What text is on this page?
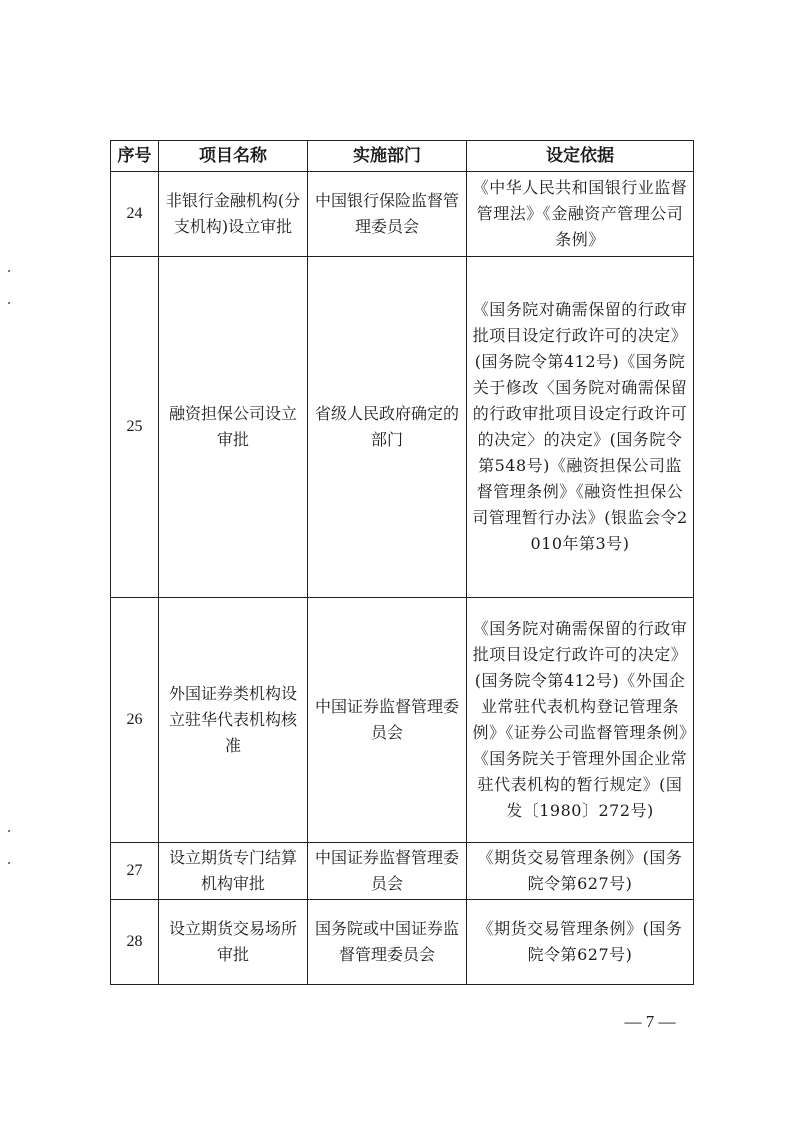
序号	项目名称	实施部门	设定依据
24	非银行金融机构(分支机构)设立审批	中国银行保险监督管理委员会	《中华人民共和国银行业监督管理法》《金融资产管理公司条例》
25	融资担保公司设立审批	省级人民政府确定的部门	《国务院对确需保留的行政审批项目设定行政许可的决定》(国务院令第412号)《国务院关于修改〈国务院对确需保留的行政审批项目设定行政许可的决定〉的决定》(国务院令第548号)《融资担保公司监督管理条例》《融资性担保公司管理暂行办法》(银监会令2010年第3号)
26	外国证券类机构设立驻华代表机构核准	中国证券监督管理委员会	《国务院对确需保留的行政审批项目设定行政许可的决定》(国务院令第412号)《外国企业常驻代表机构登记管理条例》《证券公司监督管理条例》《国务院关于管理外国企业常驻代表机构的暂行规定》(国发〔1980〕272号)
27	设立期货专门结算机构审批	中国证券监督管理委员会	《期货交易管理条例》(国务院令第627号)
28	设立期货交易场所审批	国务院或中国证券监督管理委员会	《期货交易管理条例》(国务院令第627号)
— 7 —
